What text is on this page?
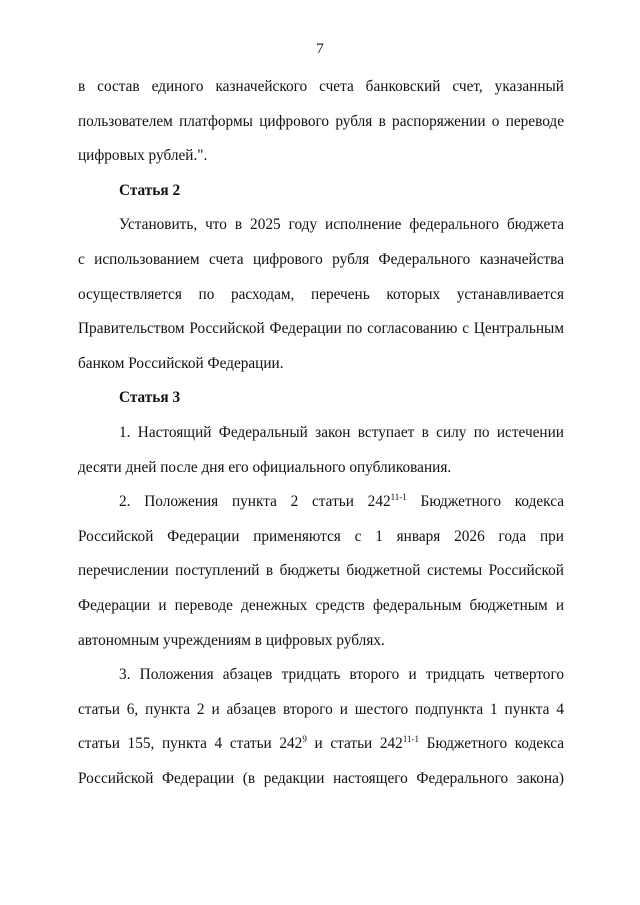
7

в состав единого казначейского счета банковский счет, указанный

пользователем платформы цифрового рубля в распоряжении о переводе

цифровых рублей.".

Статья 2

Установить, что в 2025 году исполнение федерального бюджета

с использованием счета цифрового рубля Федерального казначейства

осуществляется по расходам, перечень которых устанавливается

Правительством Российской Федерации по согласованию с Центральным

банком Российской Федерации.

Статья 3

1. Настоящий Федеральный закон вступает в силу по истечении

десяти дней после дня его официального опубликования.

2. Положения пункта 2 статьи 242$^{11-1}$ Бюджетного кодекса

Российской Федерации применяются с 1 января 2026 года при

перечислении поступлений в бюджеты бюджетной системы Российской

Федерации и переводе денежных средств федеральным бюджетным и

автономным учреждениям в цифровых рублях.

3. Положения абзацев тридцать второго и тридцать четвертого

статьи 6, пункта 2 и абзацев второго и шестого подпункта 1 пункта 4

статьи 155, пункта 4 статьи $242^9$ и статьи 242$^{11-1}$ Бюджетного кодекса

Российской Федерации (в редакции настоящего Федерального закона)
